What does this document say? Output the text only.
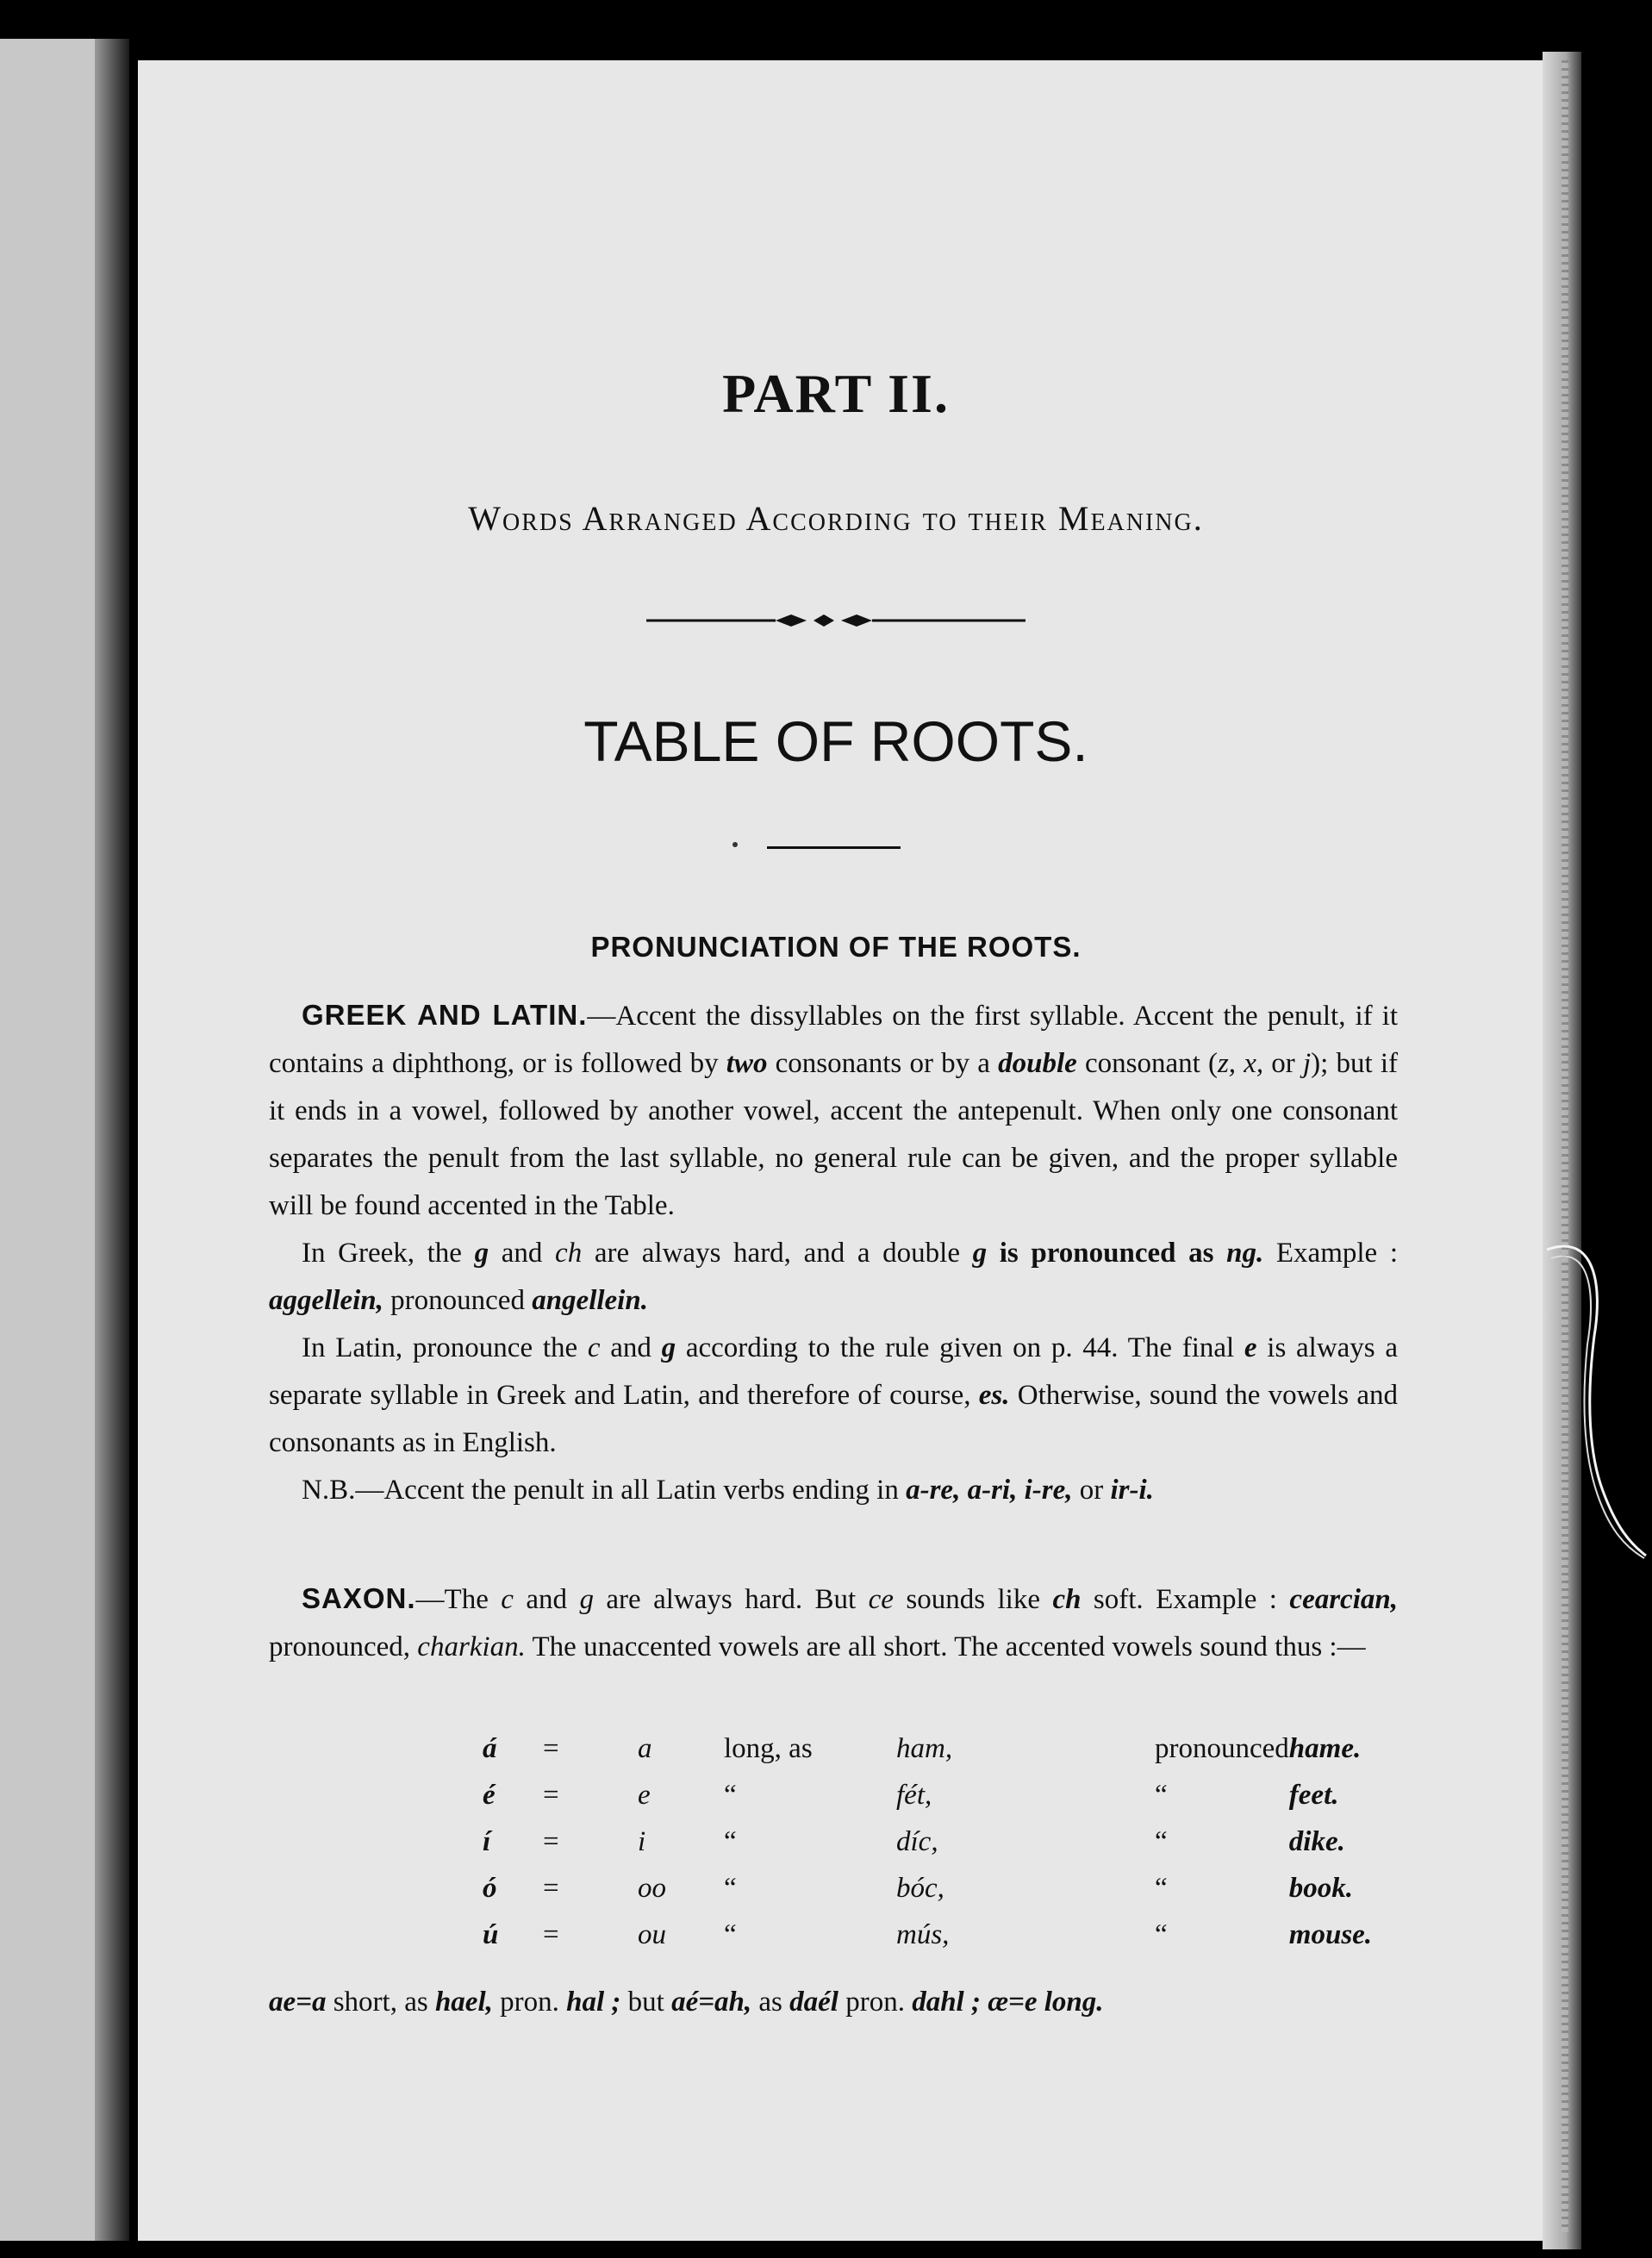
PART II.
Words Arranged According to their Meaning.
TABLE OF ROOTS.
PRONUNCIATION OF THE ROOTS.

GREEK AND LATIN.—Accent the dissyllables on the first syllable. Accent the penult, if it contains a diphthong, or is followed by two consonants or by a double consonant (z, x, or j); but if it ends in a vowel, followed by another vowel, accent the antepenult. When only one consonant separates the penult from the last syllable, no general rule can be given, and the proper syllable will be found accented in the Table.

In Greek, the g and ch are always hard, and a double g is pronounced as ng. Example : aggellein, pronounced angellein.

In Latin, pronounce the c and g according to the rule given on p. 44. The final e is always a separate syllable in Greek and Latin, and therefore of course, es. Otherwise, sound the vowels and consonants as in English.

N.B.—Accent the penult in all Latin verbs ending in a-re, a-ri, i-re, or ir-i.

SAXON.—The c and g are always hard. But ce sounds like ch soft. Example : cearcian, pronounced, charkian. The unaccented vowels are all short. The accented vowels sound thus :—

á	=	a	long, as	ham,	pronounced	hame.
é	=	e	“	fét,	“	feet.
í	=	i	“	díc,	“	dike.
ó	=	oo	“	bóc,	“	book.
ú	=	ou	“	mús,	“	mouse.
ae=a short, as hael, pron. hal ; but aé=ah, as daél pron. dahl ; æ=e long.
